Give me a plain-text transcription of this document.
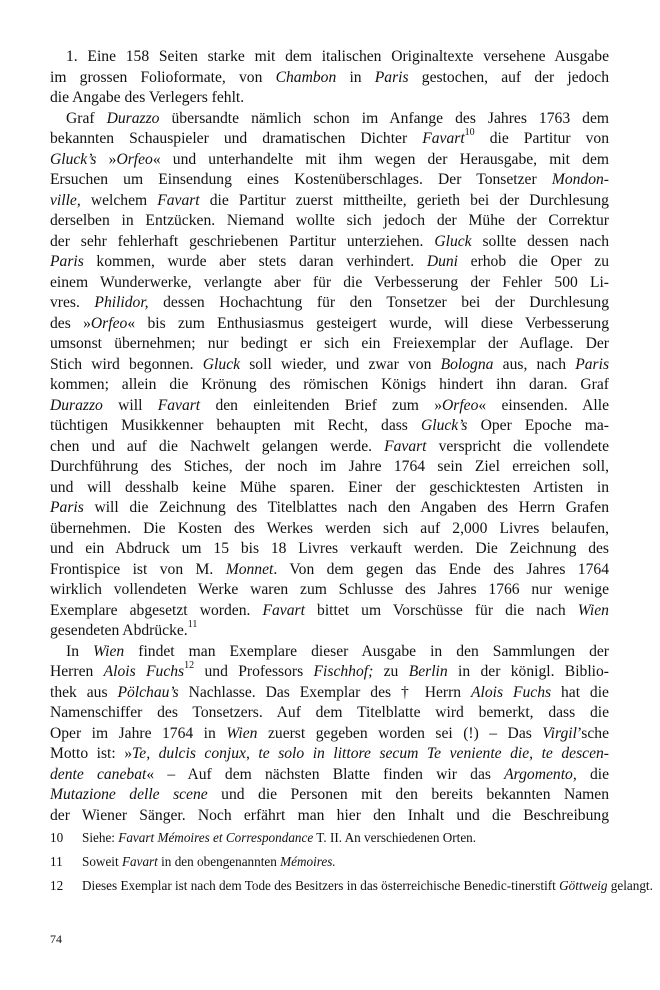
1. Eine 158 Seiten starke mit dem italischen Originaltexte versehene Ausgabe
im grossen Folioformate, von Chambon in Paris gestochen, auf der jedoch
die Angabe des Verlegers fehlt.
Graf Durazzo übersandte nämlich schon im Anfange des Jahres 1763 dem
bekannten Schauspieler und dramatischen Dichter Favart$^{10}$ die Partitur von
Gluck’s »Orfeo« und unterhandelte mit ihm wegen der Herausgabe, mit dem
Ersuchen um Einsendung eines Kostenüberschlages. Der Tonsetzer Mondon-
ville, welchem Favart die Partitur zuerst mittheilte, gerieth bei der Durchlesung
derselben in Entzücken. Niemand wollte sich jedoch der Mühe der Correktur
der sehr fehlerhaft geschriebenen Partitur unterziehen. Gluck sollte dessen nach
Paris kommen, wurde aber stets daran verhindert. Duni erhob die Oper zu
einem Wunderwerke, verlangte aber für die Verbesserung der Fehler 500 Li-
vres. Philidor, dessen Hochachtung für den Tonsetzer bei der Durchlesung
des »Orfeo« bis zum Enthusiasmus gesteigert wurde, will diese Verbesserung
umsonst übernehmen; nur bedingt er sich ein Freiexemplar der Auflage. Der
Stich wird begonnen. Gluck soll wieder, und zwar von Bologna aus, nach Paris
kommen; allein die Krönung des römischen Königs hindert ihn daran. Graf
Durazzo will Favart den einleitenden Brief zum »Orfeo« einsenden. Alle
tüchtigen Musikkenner behaupten mit Recht, dass Gluck’s Oper Epoche ma-
chen und auf die Nachwelt gelangen werde. Favart verspricht die vollendete
Durchführung des Stiches, der noch im Jahre 1764 sein Ziel erreichen soll,
und will desshalb keine Mühe sparen. Einer der geschicktesten Artisten in
Paris will die Zeichnung des Titelblattes nach den Angaben des Herrn Grafen
übernehmen. Die Kosten des Werkes werden sich auf 2,000 Livres belaufen,
und ein Abdruck um 15 bis 18 Livres verkauft werden. Die Zeichnung des
Frontispice ist von M. Monnet. Von dem gegen das Ende des Jahres 1764
wirklich vollendeten Werke waren zum Schlusse des Jahres 1766 nur wenige
Exemplare abgesetzt worden. Favart bittet um Vorschüsse für die nach Wien
gesendeten Abdrücke.$^{11}$
In Wien findet man Exemplare dieser Ausgabe in den Sammlungen der
Herren Alois Fuchs$^{12}$ und Professors Fischhof; zu Berlin in der königl. Biblio-
thek aus Pölchau’s Nachlasse. Das Exemplar des † Herrn Alois Fuchs hat die
Namenschiffer des Tonsetzers. Auf dem Titelblatte wird bemerkt, dass die
Oper im Jahre 1764 in Wien zuerst gegeben worden sei (!) – Das Virgil’sche
Motto ist: »Te, dulcis conjux, te solo in littore secum Te veniente die, te descen-
dente canebat« – Auf dem nächsten Blatte finden wir das Argomento, die
Mutazione delle scene und die Personen mit den bereits bekannten Namen
der Wiener Sänger. Noch erfährt man hier den Inhalt und die Beschreibung
10	Siehe: Favart Mémoires et Correspondance T. II. An verschiedenen Orten.
11	Soweit Favart in den obengenannten Mémoires.
12	Dieses Exemplar ist nach dem Tode des Besitzers in das österreichische Benedic-tinerstift Göttweig gelangt.
74
